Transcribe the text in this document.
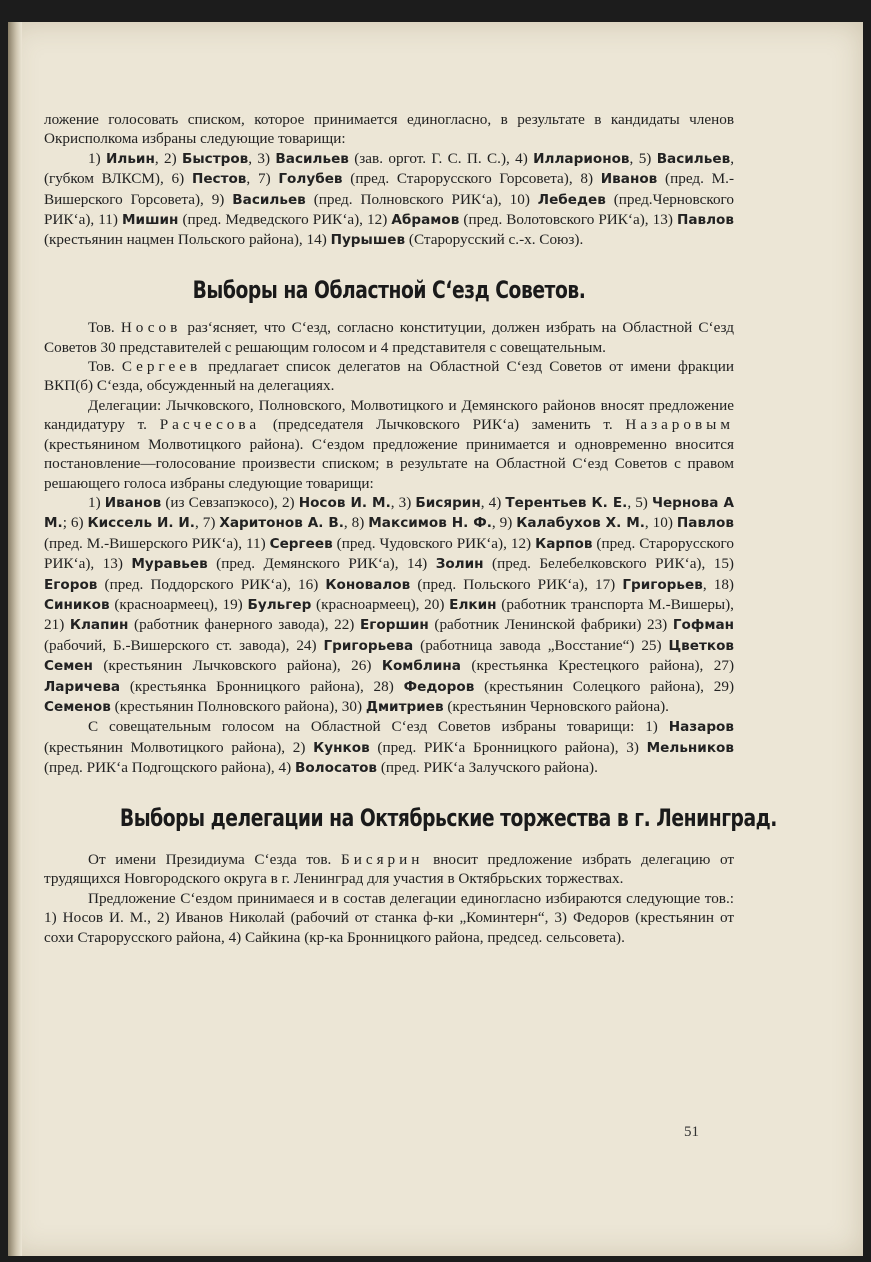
ложение голосовать списком, которое принимается единогласно, в результате в кандидаты членов Окрисполкома избраны следующие товарищи:

1) Ильин, 2) Быстров, 3) Васильев (зав. оргот. Г. С. П. С.), 4) Илларионов, 5) Васильев, (губком ВЛКСМ), 6) Пестов, 7) Голубев (пред. Старорусского Горсовета), 8) Иванов (пред. М.-Вишерского Горсовета), 9) Васильев (пред. Полновского РИК‘а), 10) Лебедев (пред.Черновского РИК‘а), 11) Мишин (пред. Медведского РИК‘а), 12) Абрамов (пред. Волотовского РИК‘а), 13) Павлов (крестьянин нацмен Польского района), 14) Пурышев (Старорусский с.-х. Союз).

Выборы на Областной С‘езд Советов.

Тов. Носов раз‘ясняет, что С‘езд, согласно конституции, должен избрать на Областной С‘езд Советов 30 представителей с решающим голосом и 4 представителя с совещательным.

Тов. Сергеев предлагает список делегатов на Областной С‘езд Советов от имени фракции ВКП(б) С‘езда, обсужденный на делегациях.

Делегации: Лычковского, Полновского, Молвотицкого и Демянского районов вносят предложение кандидатуру т. Расчесова (председателя Лычковского РИК‘а) заменить т. Назаровым (крестьянином Молвотицкого района). С‘ездом предложение принимается и одновременно вносится постановление—голосование произвести списком; в результате на Областной С‘езд Советов с правом решающего голоса избраны следующие товарищи:

1) Иванов (из Севзапэкосо), 2) Носов И. М., 3) Бисярин, 4) Терентьев К. Е., 5) Чернова А М.; 6) Киссель И. И., 7) Харитонов А. В., 8) Максимов Н. Ф., 9) Калабухов Х. М., 10) Павлов (пред. М.-Вишерского РИК‘а), 11) Сергеев (пред. Чудовского РИК‘а), 12) Карпов (пред. Старорусского РИК‘а), 13) Муравьев (пред. Демянского РИК‘а), 14) Золин (пред. Белебелковского РИК‘а), 15) Егоров (пред. Поддорского РИК‘а), 16) Коновалов (пред. Польского РИК‘а), 17) Григорьев, 18) Сиников (красноармеец), 19) Бульгер (красноармеец), 20) Елкин (работник транспорта М.-Вишеры), 21) Клапин (работник фанерного завода), 22) Егоршин (работник Ленинской фабрики) 23) Гофман (рабочий, Б.-Вишерского ст. завода), 24) Григорьева (работница завода „Восстание“) 25) Цветков Семен (крестьянин Лычковского района), 26) Комблина (крестьянка Крестецкого района), 27) Ларичева (крестьянка Бронницкого района), 28) Федоров (крестьянин Солецкого района), 29) Семенов (крестьянин Полновского района), 30) Дмитриев (крестьянин Черновского района).

С совещательным голосом на Областной С‘езд Советов избраны товарищи: 1) Назаров (крестьянин Молвотицкого района), 2) Кунков (пред. РИК‘а Бронницкого района), 3) Мельников (пред. РИК‘а Подгощского района), 4) Волосатов (пред. РИК‘а Залучского района).

Выборы делегации на Октябрьские торжества в г. Ленинград.

От имени Президиума С‘езда тов. Бисярин вносит предложение избрать делегацию от трудящихся Новгородского округа в г. Ленинград для участия в Октябрьских торжествах.

Предложение С‘ездом принимаеся и в состав делегации единогласно избираются следующие тов.: 1) Носов И. М., 2) Иванов Николай (рабочий от станка ф-ки „Коминтерн“, 3) Федоров (крестьянин от сохи Старорусского района, 4) Сайкина (кр-ка Бронницкого района, председ. сельсовета).

51
